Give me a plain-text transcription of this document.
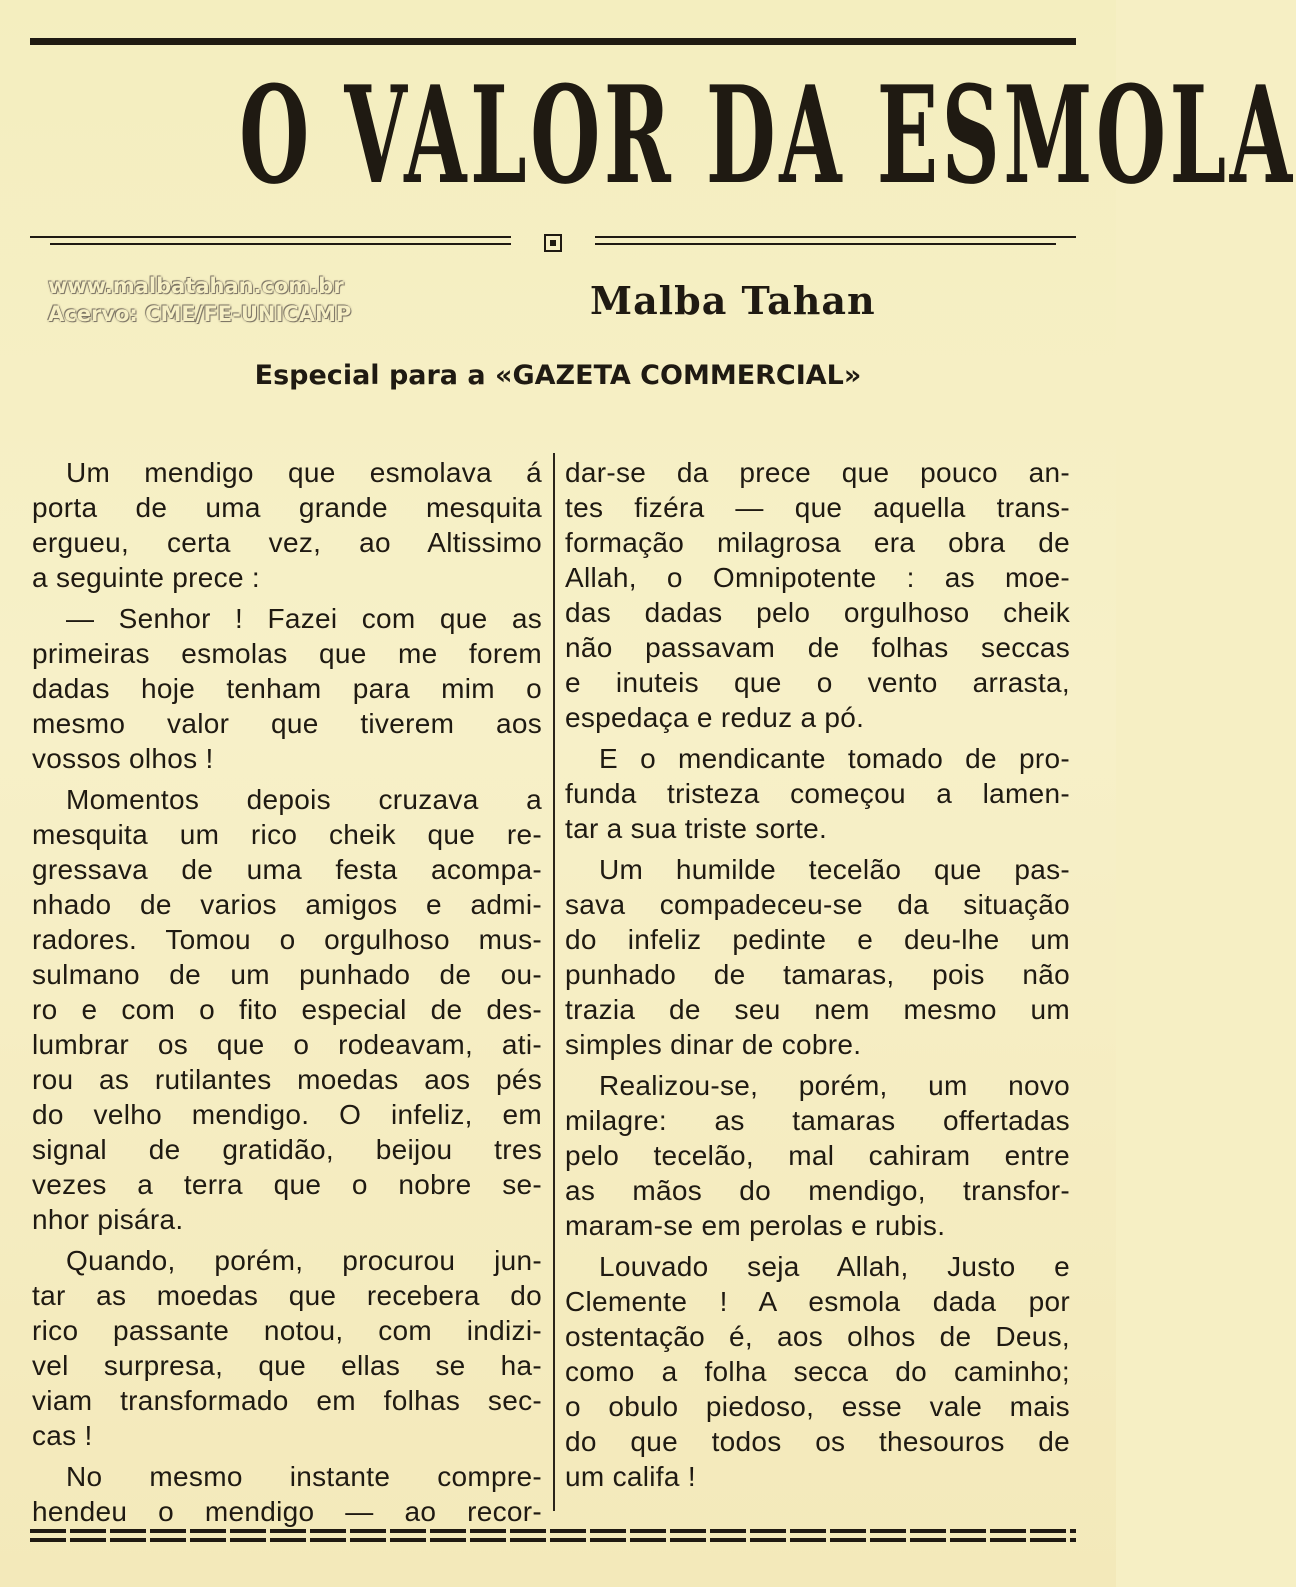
O VALOR DA ESMOLA
www.malbatahan.com.br
Acervo: CME/FE-UNICAMP	Malba Tahan
Especial para a «GAZETA COMMERCIAL»
Um mendigo que esmolava á
porta de uma grande mesquita
ergueu, certa vez, ao Altissimo
a seguinte prece :
— Senhor ! Fazei com que as
primeiras esmolas que me forem
dadas hoje tenham para mim o
mesmo valor que tiverem aos
vossos olhos !
Momentos depois cruzava a
mesquita um rico cheik que re-
gressava de uma festa acompa-
nhado de varios amigos e admi-
radores. Tomou o orgulhoso mus-
sulmano de um punhado de ou-
ro e com o fito especial de des-
lumbrar os que o rodeavam, ati-
rou as rutilantes moedas aos pés
do velho mendigo. O infeliz, em
signal de gratidão, beijou tres
vezes a terra que o nobre se-
nhor pisára.
Quando, porém, procurou jun-
tar as moedas que recebera do
rico passante notou, com indizi-
vel surpresa, que ellas se ha-
viam transformado em folhas sec-
cas !
No mesmo instante compre-
hendeu o mendigo — ao recor-
dar-se da prece que pouco an-
tes fizéra — que aquella trans-
formação milagrosa era obra de
Allah, o Omnipotente : as moe-
das dadas pelo orgulhoso cheik
não passavam de folhas seccas
e inuteis que o vento arrasta,
espedaça e reduz a pó.
E o mendicante tomado de pro-
funda tristeza começou a lamen-
tar a sua triste sorte.
Um humilde tecelão que pas-
sava compadeceu-se da situação
do infeliz pedinte e deu-lhe um
punhado de tamaras, pois não
trazia de seu nem mesmo um
simples dinar de cobre.
Realizou-se, porém, um novo
milagre: as tamaras offertadas
pelo tecelão, mal cahiram entre
as mãos do mendigo, transfor-
maram-se em perolas e rubis.
Louvado seja Allah, Justo e
Clemente ! A esmola dada por
ostentação é, aos olhos de Deus,
como a folha secca do caminho;
o obulo piedoso, esse vale mais
do que todos os thesouros de
um califa !
